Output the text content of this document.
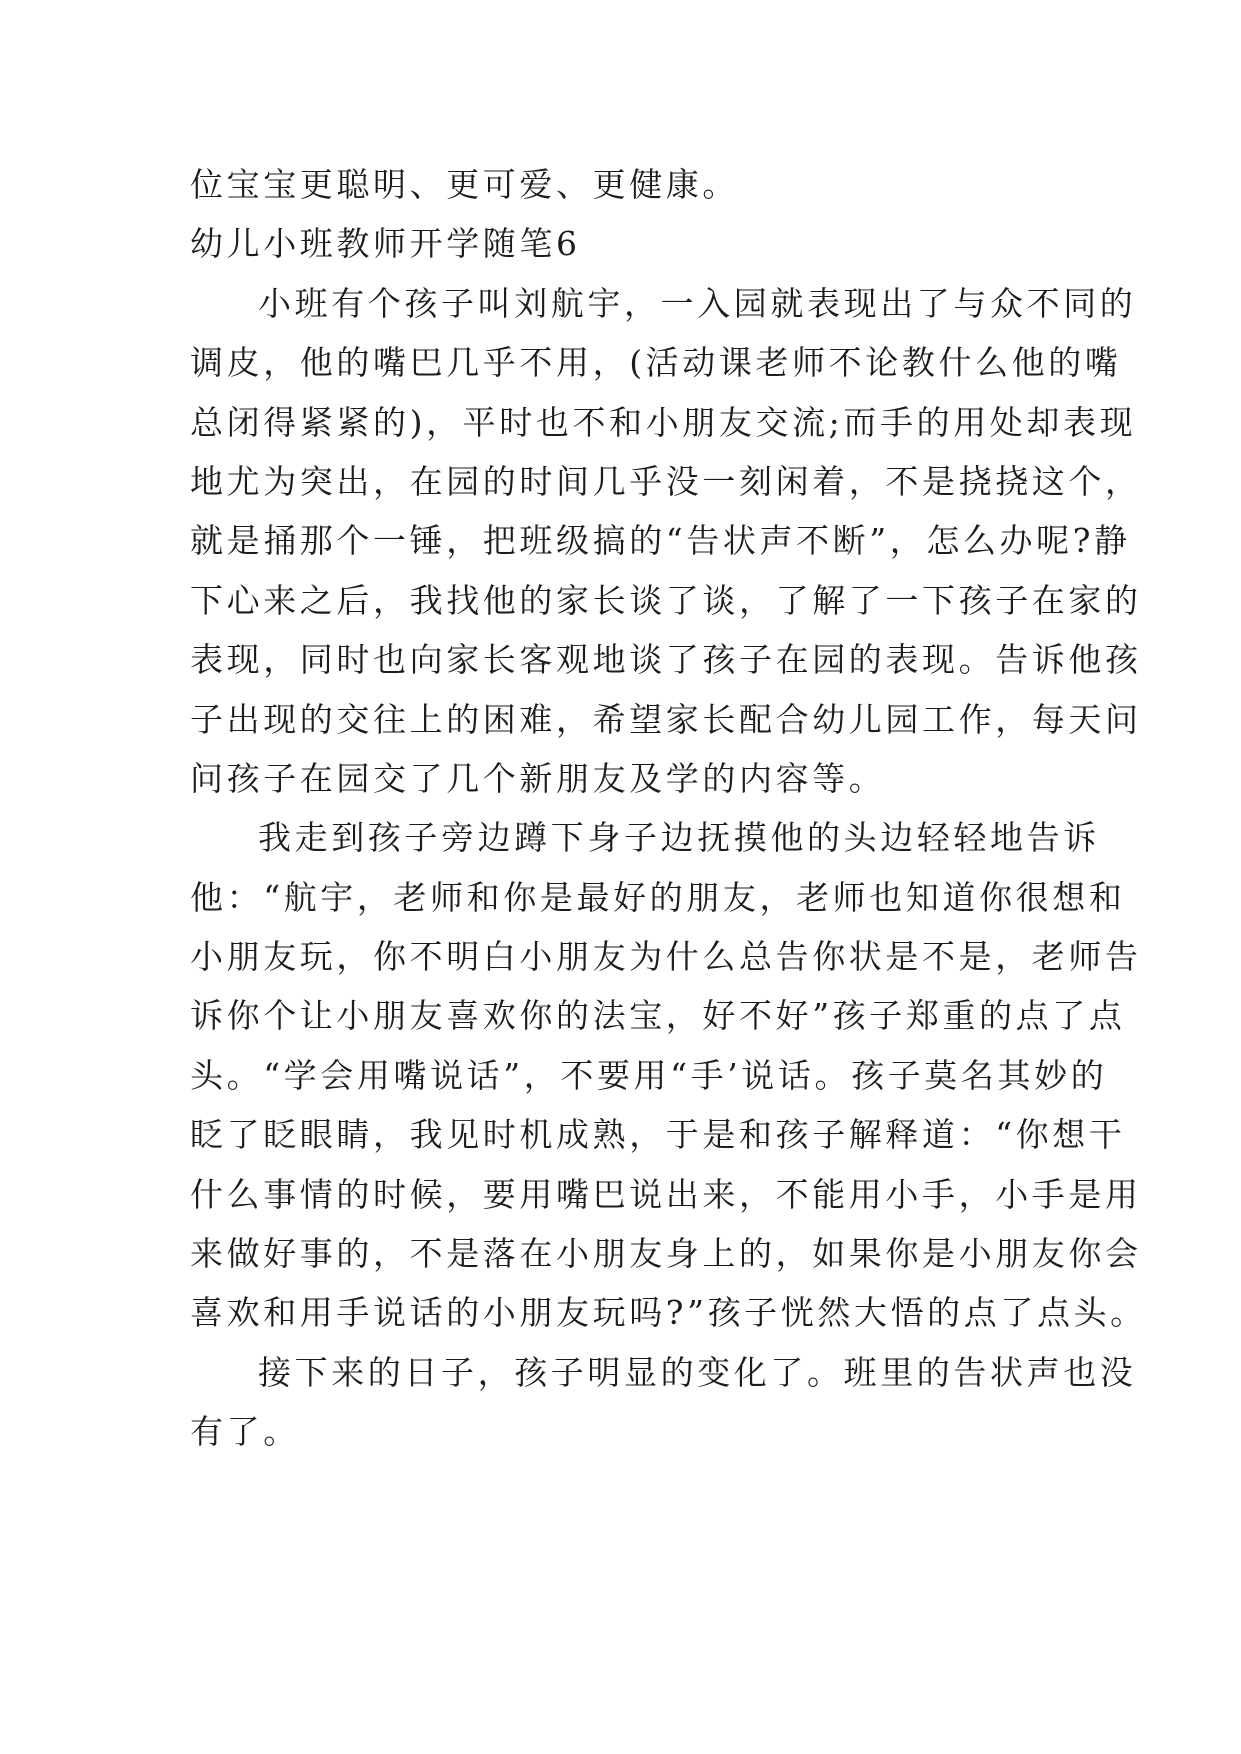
位宝宝更聪明、更可爱、更健康。
幼儿小班教师开学随笔6
小班有个孩子叫刘航宇，一入园就表现出了与众不同的
调皮，他的嘴巴几乎不用，(活动课老师不论教什么他的嘴
总闭得紧紧的)，平时也不和小朋友交流;而手的用处却表现
地尤为突出，在园的时间几乎没一刻闲着，不是挠挠这个，
就是捅那个一锤，把班级搞的“告状声不断”，怎么办呢?静
下心来之后，我找他的家长谈了谈，了解了一下孩子在家的
表现，同时也向家长客观地谈了孩子在园的表现。告诉他孩
子出现的交往上的困难，希望家长配合幼儿园工作，每天问
问孩子在园交了几个新朋友及学的内容等。
我走到孩子旁边蹲下身子边抚摸他的头边轻轻地告诉
他：“航宇，老师和你是最好的朋友，老师也知道你很想和
小朋友玩，你不明白小朋友为什么总告你状是不是，老师告
诉你个让小朋友喜欢你的法宝，好不好”孩子郑重的点了点
头。“学会用嘴说话”，不要用“手’说话。孩子莫名其妙的
眨了眨眼睛，我见时机成熟，于是和孩子解释道：“你想干
什么事情的时候，要用嘴巴说出来，不能用小手，小手是用
来做好事的，不是落在小朋友身上的，如果你是小朋友你会
喜欢和用手说话的小朋友玩吗?”孩子恍然大悟的点了点头。
接下来的日子，孩子明显的变化了。班里的告状声也没
有了。
